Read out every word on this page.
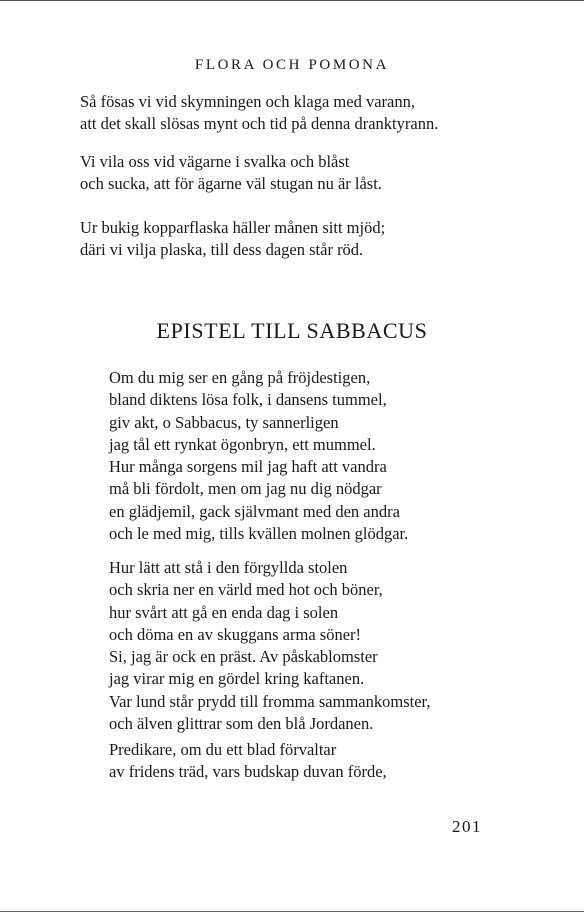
FLORA OCH POMONA

Så fösas vi vid skymningen och klaga med varann,
att det skall slösas mynt och tid på denna dranktyrann.

Vi vila oss vid vägarne i svalka och blåst
och sucka, att för ägarne väl stugan nu är låst.

Ur bukig kopparflaska häller månen sitt mjöd;
däri vi vilja plaska, till dess dagen står röd.

EPISTEL TILL SABBACUS

Om du mig ser en gång på fröjdestigen,
bland diktens lösa folk, i dansens tummel,
giv akt, o Sabbacus, ty sannerligen
jag tål ett rynkat ögonbryn, ett mummel.
Hur många sorgens mil jag haft att vandra
må bli fördolt, men om jag nu dig nödgar
en glädjemil, gack självmant med den andra
och le med mig, tills kvällen molnen glödgar.

Hur lätt att stå i den förgyllda stolen
och skria ner en värld med hot och böner,
hur svårt att gå en enda dag i solen
och döma en av skuggans arma söner!
Si, jag är ock en präst. Av påskablomster
jag virar mig en gördel kring kaftanen.
Var lund står prydd till fromma sammankomster,
och älven glittrar som den blå Jordanen.

Predikare, om du ett blad förvaltar
av fridens träd, vars budskap duvan förde,

201
